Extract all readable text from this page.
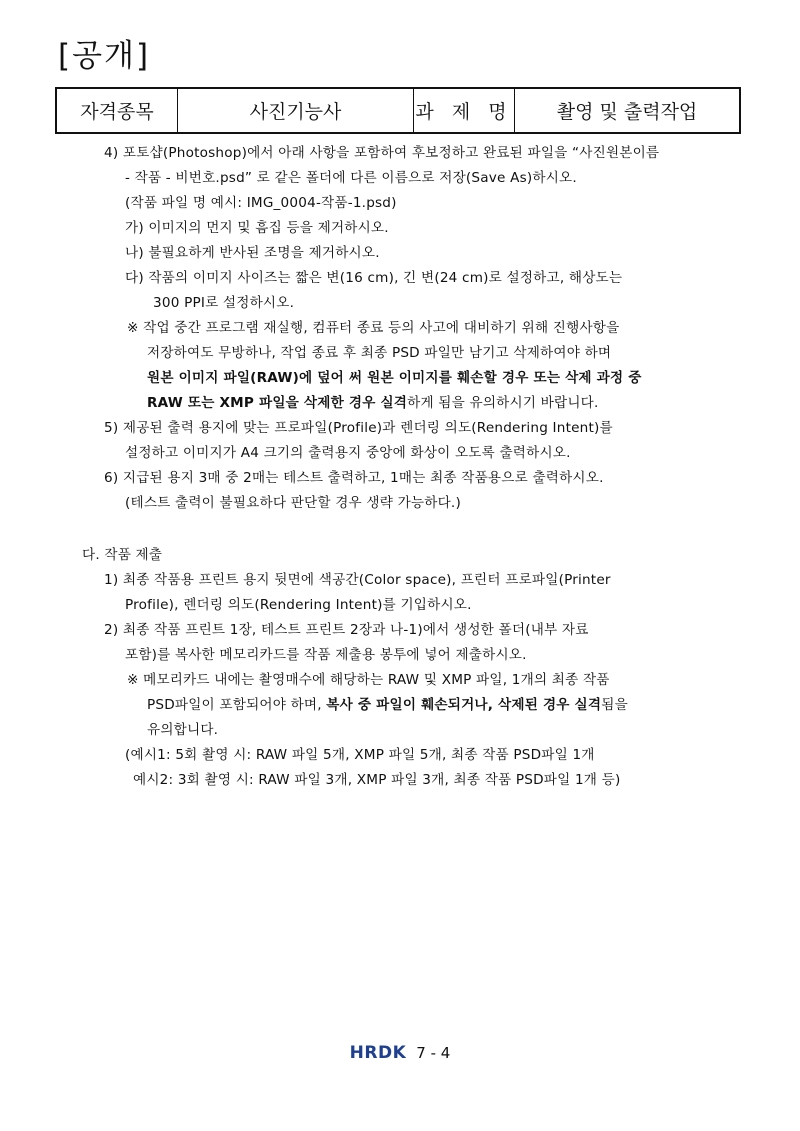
[공개]
자격종목	사진기능사	과 제 명	촬영 및 출력작업
4) 포토샵(Photoshop)에서 아래 사항을 포함하여 후보정하고 완료된 파일을 “사진원본이름
- 작품 - 비번호.psd” 로 같은 폴더에 다른 이름으로 저장(Save As)하시오.
(작품 파일 명 예시: IMG_0004-작품-1.psd)
가) 이미지의 먼지 및 흠집 등을 제거하시오.
나) 불필요하게 반사된 조명을 제거하시오.
다) 작품의 이미지 사이즈는 짧은 변(16 cm), 긴 변(24 cm)로 설정하고, 해상도는
300 PPI로 설정하시오.
※ 작업 중간 프로그램 재실행, 컴퓨터 종료 등의 사고에 대비하기 위해 진행사항을
저장하여도 무방하나, 작업 종료 후 최종 PSD 파일만 남기고 삭제하여야 하며
원본 이미지 파일(RAW)에 덮어 써 원본 이미지를 훼손할 경우 또는 삭제 과정 중
RAW 또는 XMP 파일을 삭제한 경우 실격하게 됨을 유의하시기 바랍니다.
5) 제공된 출력 용지에 맞는 프로파일(Profile)과 렌더링 의도(Rendering Intent)를
설정하고 이미지가 A4 크기의 출력용지 중앙에 화상이 오도록 출력하시오.
6) 지급된 용지 3매 중 2매는 테스트 출력하고, 1매는 최종 작품용으로 출력하시오.
(테스트 출력이 불필요하다 판단할 경우 생략 가능하다.)
다. 작품 제출
1) 최종 작품용 프린트 용지 뒷면에 색공간(Color space), 프린터 프로파일(Printer
Profile), 렌더링 의도(Rendering Intent)를 기입하시오.
2) 최종 작품 프린트 1장, 테스트 프린트 2장과 나-1)에서 생성한 폴더(내부 자료
포함)를 복사한 메모리카드를 작품 제출용 봉투에 넣어 제출하시오.
※ 메모리카드 내에는 촬영매수에 해당하는 RAW 및 XMP 파일, 1개의 최종 작품
PSD파일이 포함되어야 하며, 복사 중 파일이 훼손되거나, 삭제된 경우 실격됨을
유의합니다.
(예시1: 5회 촬영 시: RAW 파일 5개, XMP 파일 5개, 최종 작품 PSD파일 1개
예시2: 3회 촬영 시: RAW 파일 3개, XMP 파일 3개, 최종 작품 PSD파일 1개 등)
HRDK 7 - 4
